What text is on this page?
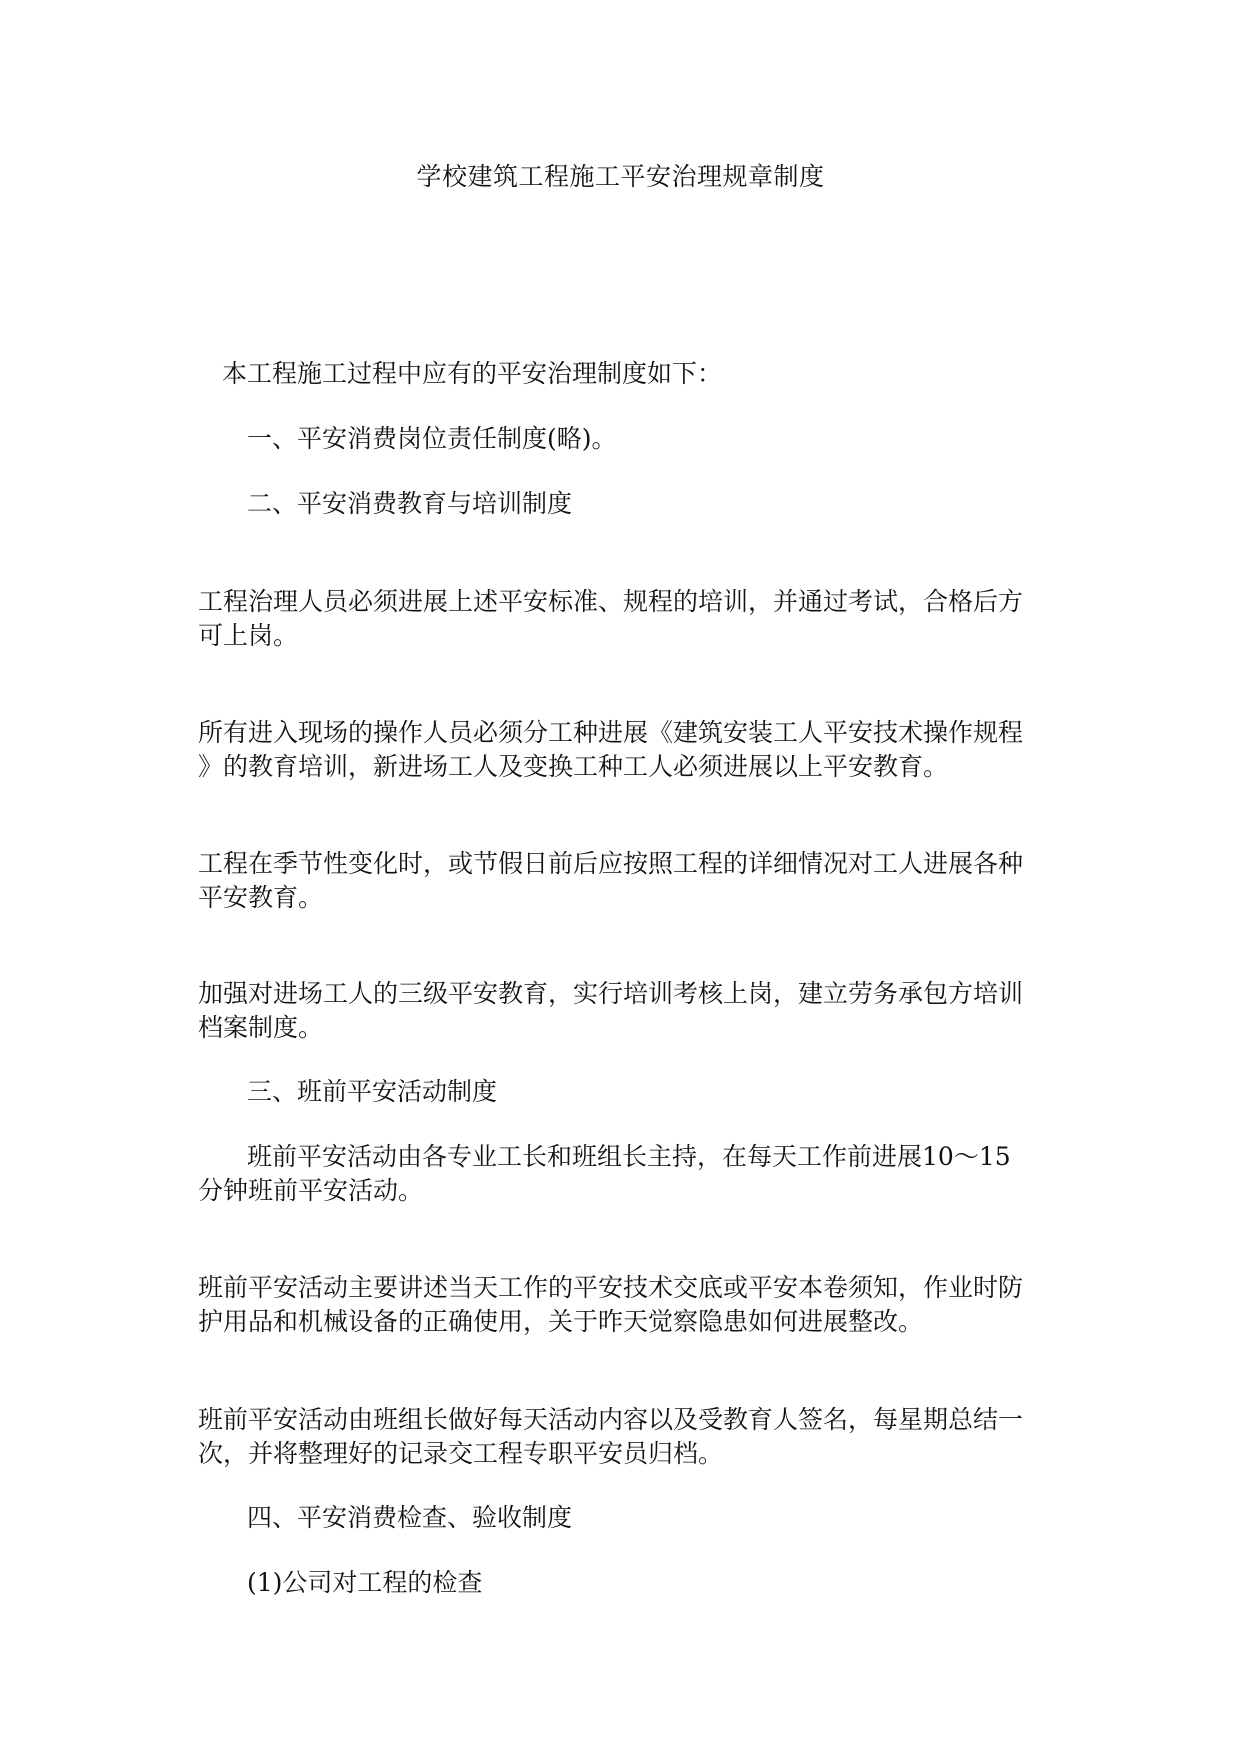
学校建筑工程施工平安治理规章制度
本工程施工过程中应有的平安治理制度如下：
一、平安消费岗位责任制度(略)。
二、平安消费教育与培训制度
工程治理人员必须进展上述平安标准、规程的培训，并通过考试，合格后方
可上岗。
所有进入现场的操作人员必须分工种进展《建筑安装工人平安技术操作规程
》的教育培训，新进场工人及变换工种工人必须进展以上平安教育。
工程在季节性变化时，或节假日前后应按照工程的详细情况对工人进展各种
平安教育。
加强对进场工人的三级平安教育，实行培训考核上岗，建立劳务承包方培训
档案制度。
三、班前平安活动制度
班前平安活动由各专业工长和班组长主持，在每天工作前进展10～15
分钟班前平安活动。
班前平安活动主要讲述当天工作的平安技术交底或平安本卷须知，作业时防
护用品和机械设备的正确使用，关于昨天觉察隐患如何进展整改。
班前平安活动由班组长做好每天活动内容以及受教育人签名，每星期总结一
次，并将整理好的记录交工程专职平安员归档。
四、平安消费检查、验收制度
(1)公司对工程的检查
